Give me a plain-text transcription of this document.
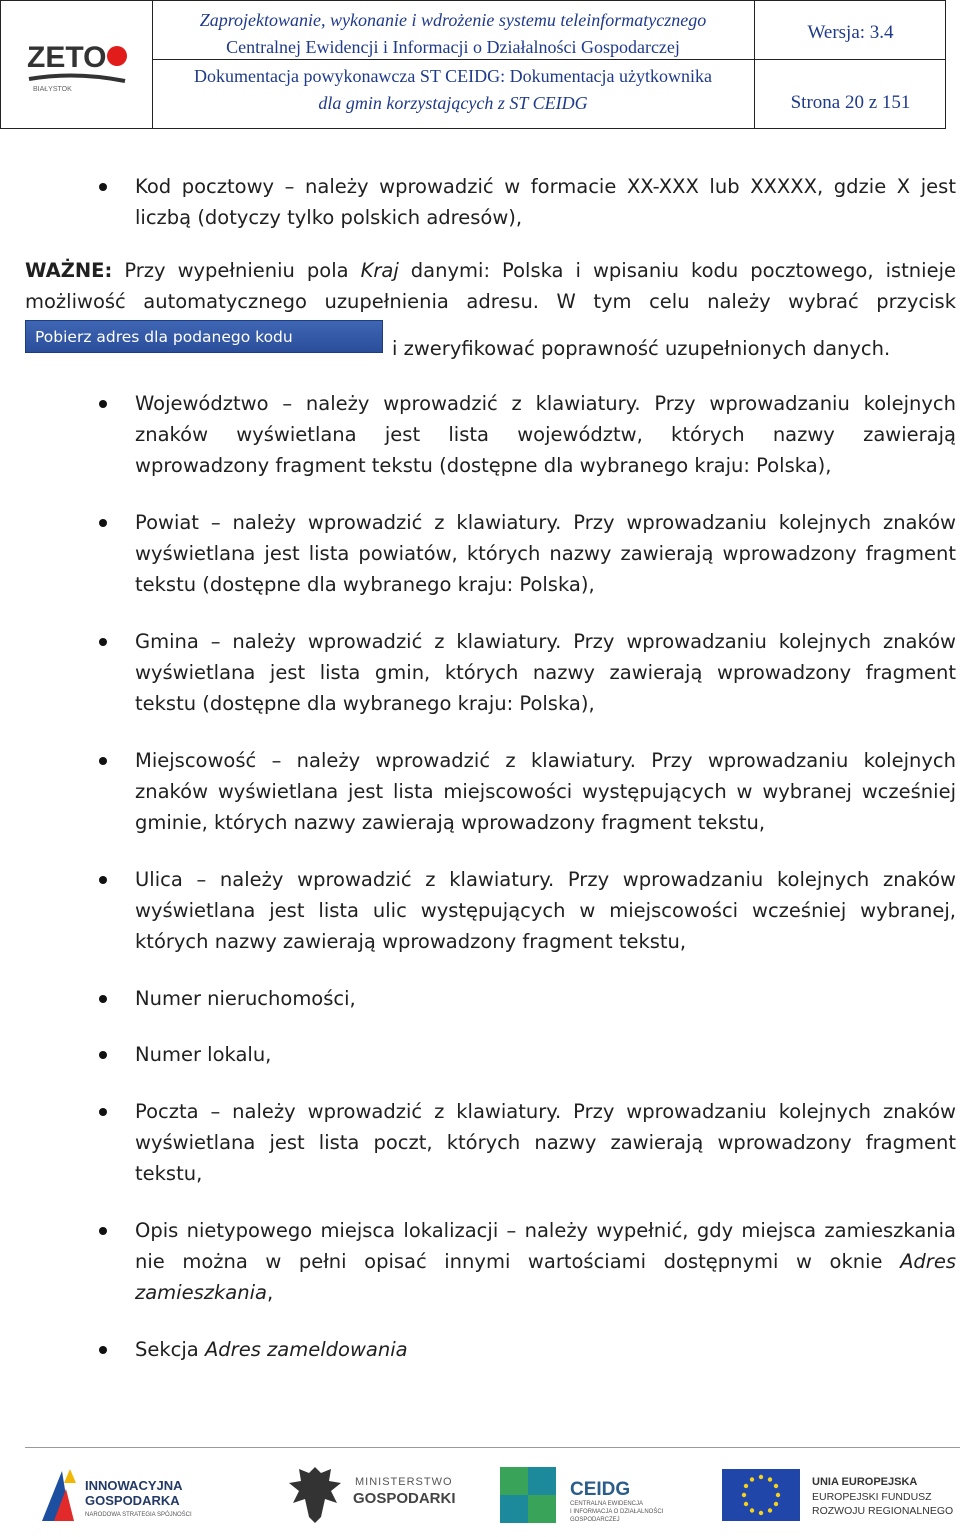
ZETO
BIAŁYSTOK
Zaprojektowanie, wykonanie i wdrożenie systemu teleinformatycznego
Centralnej Ewidencji i Informacji o Działalności Gospodarczej
Wersja: 3.4
Dokumentacja powykonawcza ST CEIDG: Dokumentacja użytkownika
dla gmin korzystających z ST CEIDG	Strona 20 z 151
Kod pocztowy – należy wprowadzić w formacie XX-XXX lub XXXXX, gdzie X jest
liczbą (dotyczy tylko polskich adresów),
WAŻNE: Przy wypełnieniu pola Kraj danymi: Polska i wpisaniu kodu pocztowego, istnieje
możliwość automatycznego uzupełnienia adresu. W tym celu należy wybrać przycisk
Pobierz adres dla podanego kodu pocztowego.
i zweryfikować poprawność uzupełnionych danych.
Województwo – należy wprowadzić z klawiatury. Przy wprowadzaniu kolejnych
znaków wyświetlana jest lista województw, których nazwy zawierają
wprowadzony fragment tekstu (dostępne dla wybranego kraju: Polska),
Powiat – należy wprowadzić z klawiatury. Przy wprowadzaniu kolejnych znaków
wyświetlana jest lista powiatów, których nazwy zawierają wprowadzony fragment
tekstu (dostępne dla wybranego kraju: Polska),
Gmina – należy wprowadzić z klawiatury. Przy wprowadzaniu kolejnych znaków
wyświetlana jest lista gmin, których nazwy zawierają wprowadzony fragment
tekstu (dostępne dla wybranego kraju: Polska),
Miejscowość – należy wprowadzić z klawiatury. Przy wprowadzaniu kolejnych
znaków wyświetlana jest lista miejscowości występujących w wybranej wcześniej
gminie, których nazwy zawierają wprowadzony fragment tekstu,
Ulica – należy wprowadzić z klawiatury. Przy wprowadzaniu kolejnych znaków
wyświetlana jest lista ulic występujących w miejscowości wcześniej wybranej,
których nazwy zawierają wprowadzony fragment tekstu,
Numer nieruchomości,
Numer lokalu,
Poczta – należy wprowadzić z klawiatury. Przy wprowadzaniu kolejnych znaków
wyświetlana jest lista poczt, których nazwy zawierają wprowadzony fragment
tekstu,
Opis nietypowego miejsca lokalizacji – należy wypełnić, gdy miejsca zamieszkania
nie można w pełni opisać innymi wartościami dostępnymi w oknie Adres
zamieszkania,
Sekcja Adres zameldowania
INNOWACYJNA
GOSPODARKA
NARODOWA STRATEGIA SPÓJNOŚCI
MINISTERSTWO
GOSPODARKI	CEIDG
CENTRALNA EWIDENCJA
I INFORMACJA O DZIAŁALNOŚCI
GOSPODARCZEJ
UNIA EUROPEJSKA
EUROPEJSKI FUNDUSZ
ROZWOJU REGIONALNEGO
